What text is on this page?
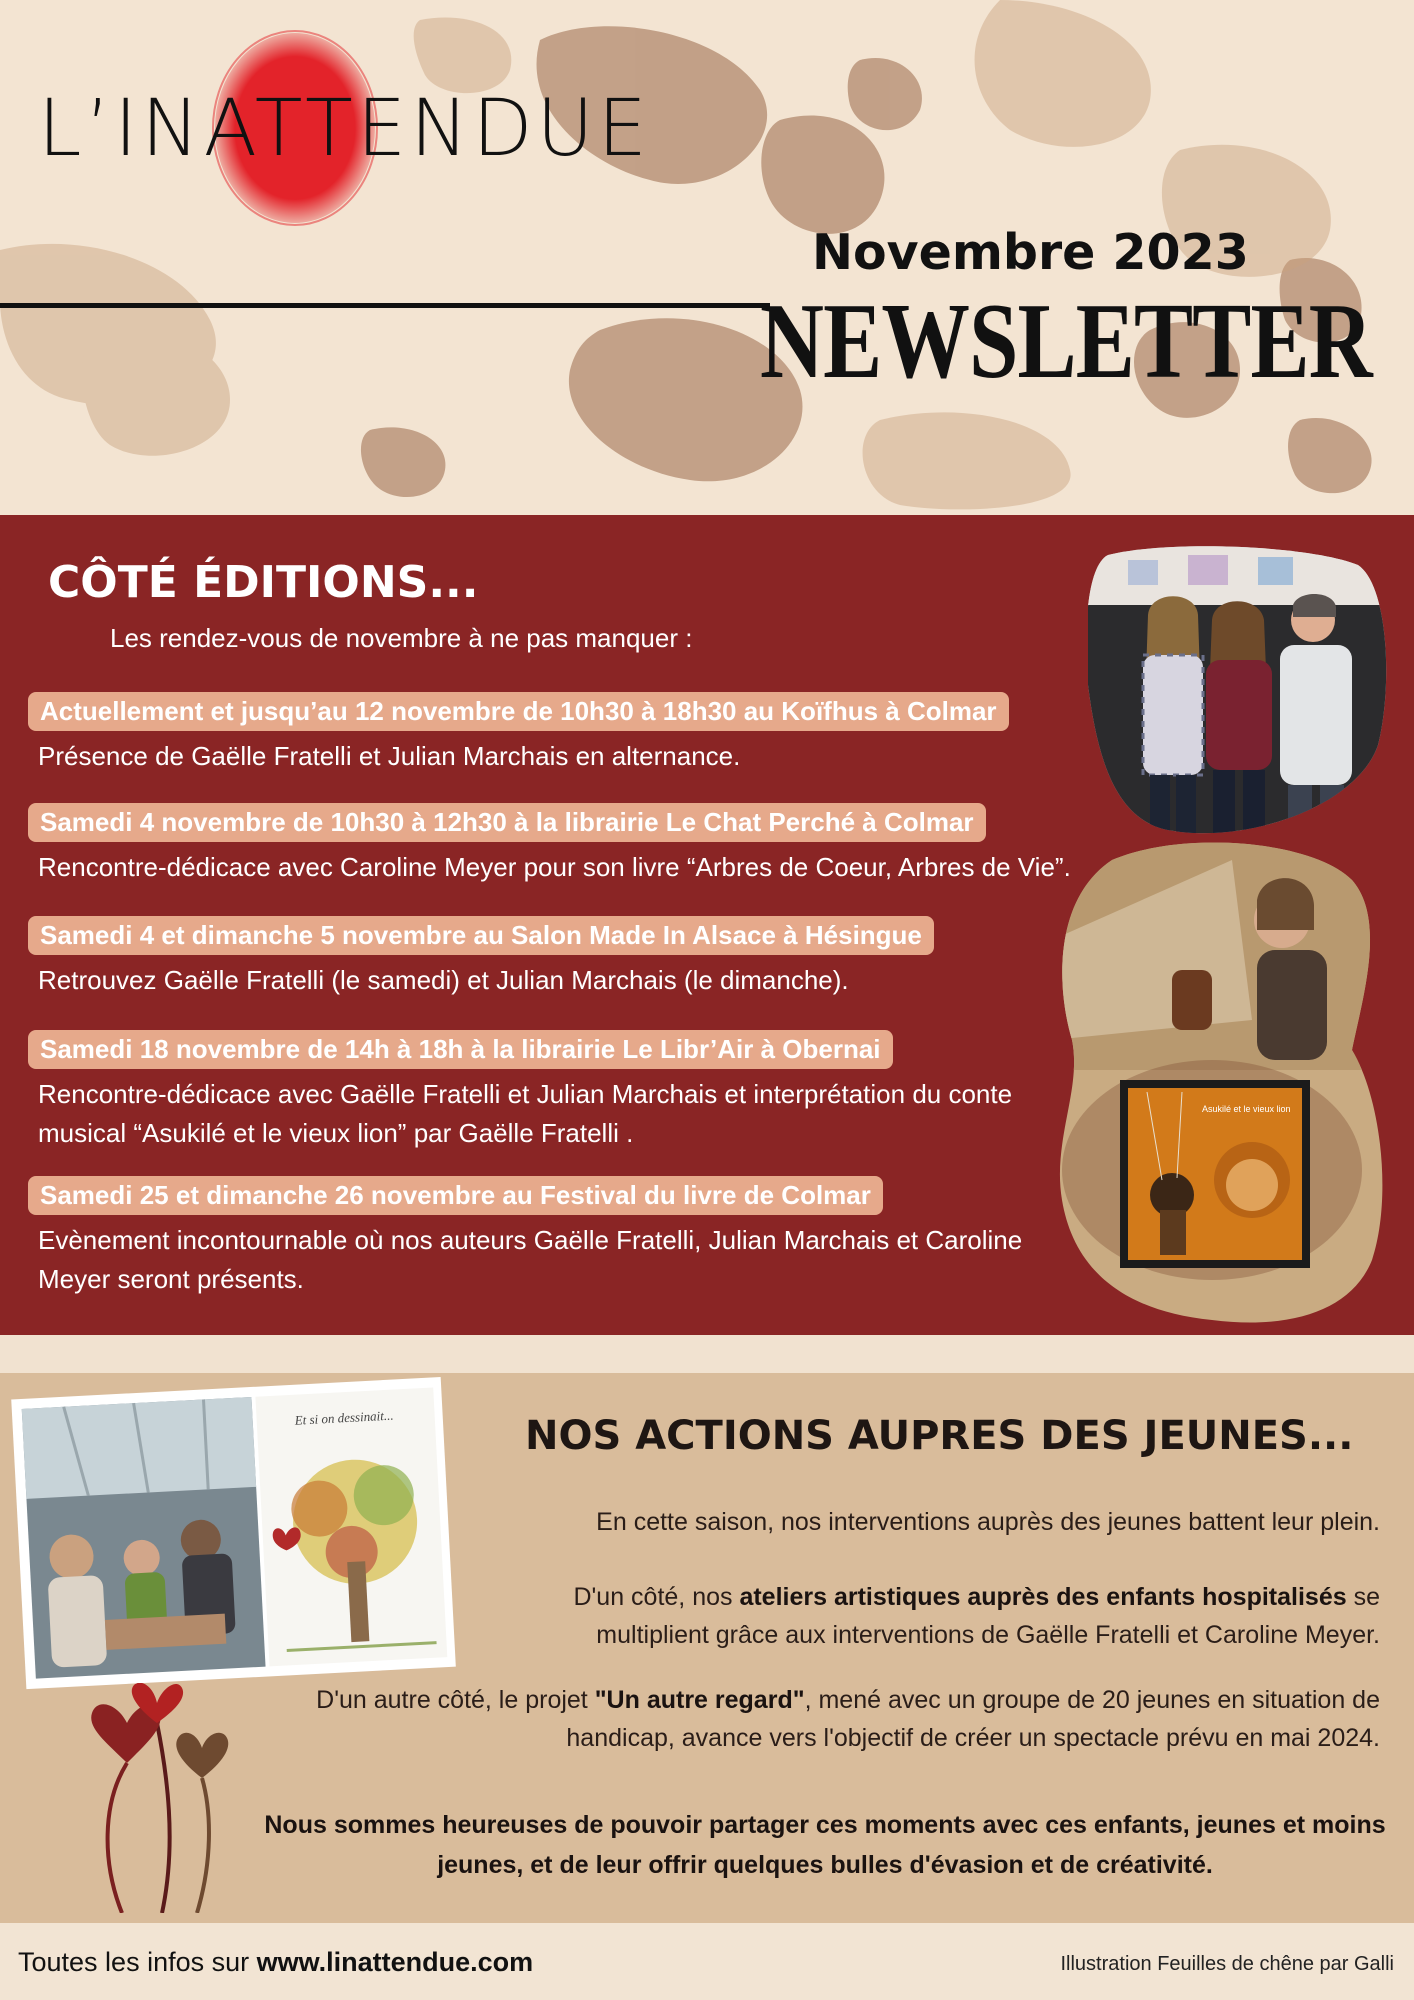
L’INATTENDUE
Novembre 2023
NEWSLETTER
CÔTÉ ÉDITIONS...
Les rendez-vous de novembre à ne pas manquer :
Actuellement et jusqu’au 12 novembre de 10h30 à 18h30 au Koïfhus à Colmar
Présence de Gaëlle Fratelli et Julian Marchais en alternance.
Samedi 4 novembre de 10h30 à 12h30 à la librairie Le Chat Perché à Colmar
Rencontre-dédicace avec Caroline Meyer pour son livre “Arbres de Coeur, Arbres de Vie”.
Samedi 4 et dimanche 5 novembre au Salon Made In Alsace à Hésingue
Retrouvez Gaëlle Fratelli (le samedi) et Julian Marchais (le dimanche).
Samedi 18 novembre de 14h à 18h à la librairie Le Libr’Air à Obernai
Rencontre-dédicace avec Gaëlle Fratelli et Julian Marchais et interprétation du conte musical “Asukilé et le vieux lion” par Gaëlle Fratelli .
Samedi 25 et dimanche 26 novembre au Festival du livre de Colmar
Evènement incontournable où nos auteurs Gaëlle Fratelli, Julian Marchais et Caroline Meyer seront présents.
Asukilé et le vieux lion
Et si on dessinait...	NOS ACTIONS AUPRES DES JEUNES...
En cette saison, nos interventions auprès des jeunes battent leur plein.
D'un côté, nos ateliers artistiques auprès des enfants hospitalisés se multiplient grâce aux interventions de Gaëlle Fratelli et Caroline Meyer.
D'un autre côté, le projet "Un autre regard", mené avec un groupe de 20 jeunes en situation de handicap, avance vers l'objectif de créer un spectacle prévu en mai 2024.
Nous sommes heureuses de pouvoir partager ces moments avec ces enfants, jeunes et moins jeunes, et de leur offrir quelques bulles d'évasion et de créativité.
Toutes les infos sur www.linattendue.com	Illustration Feuilles de chêne par Galli
